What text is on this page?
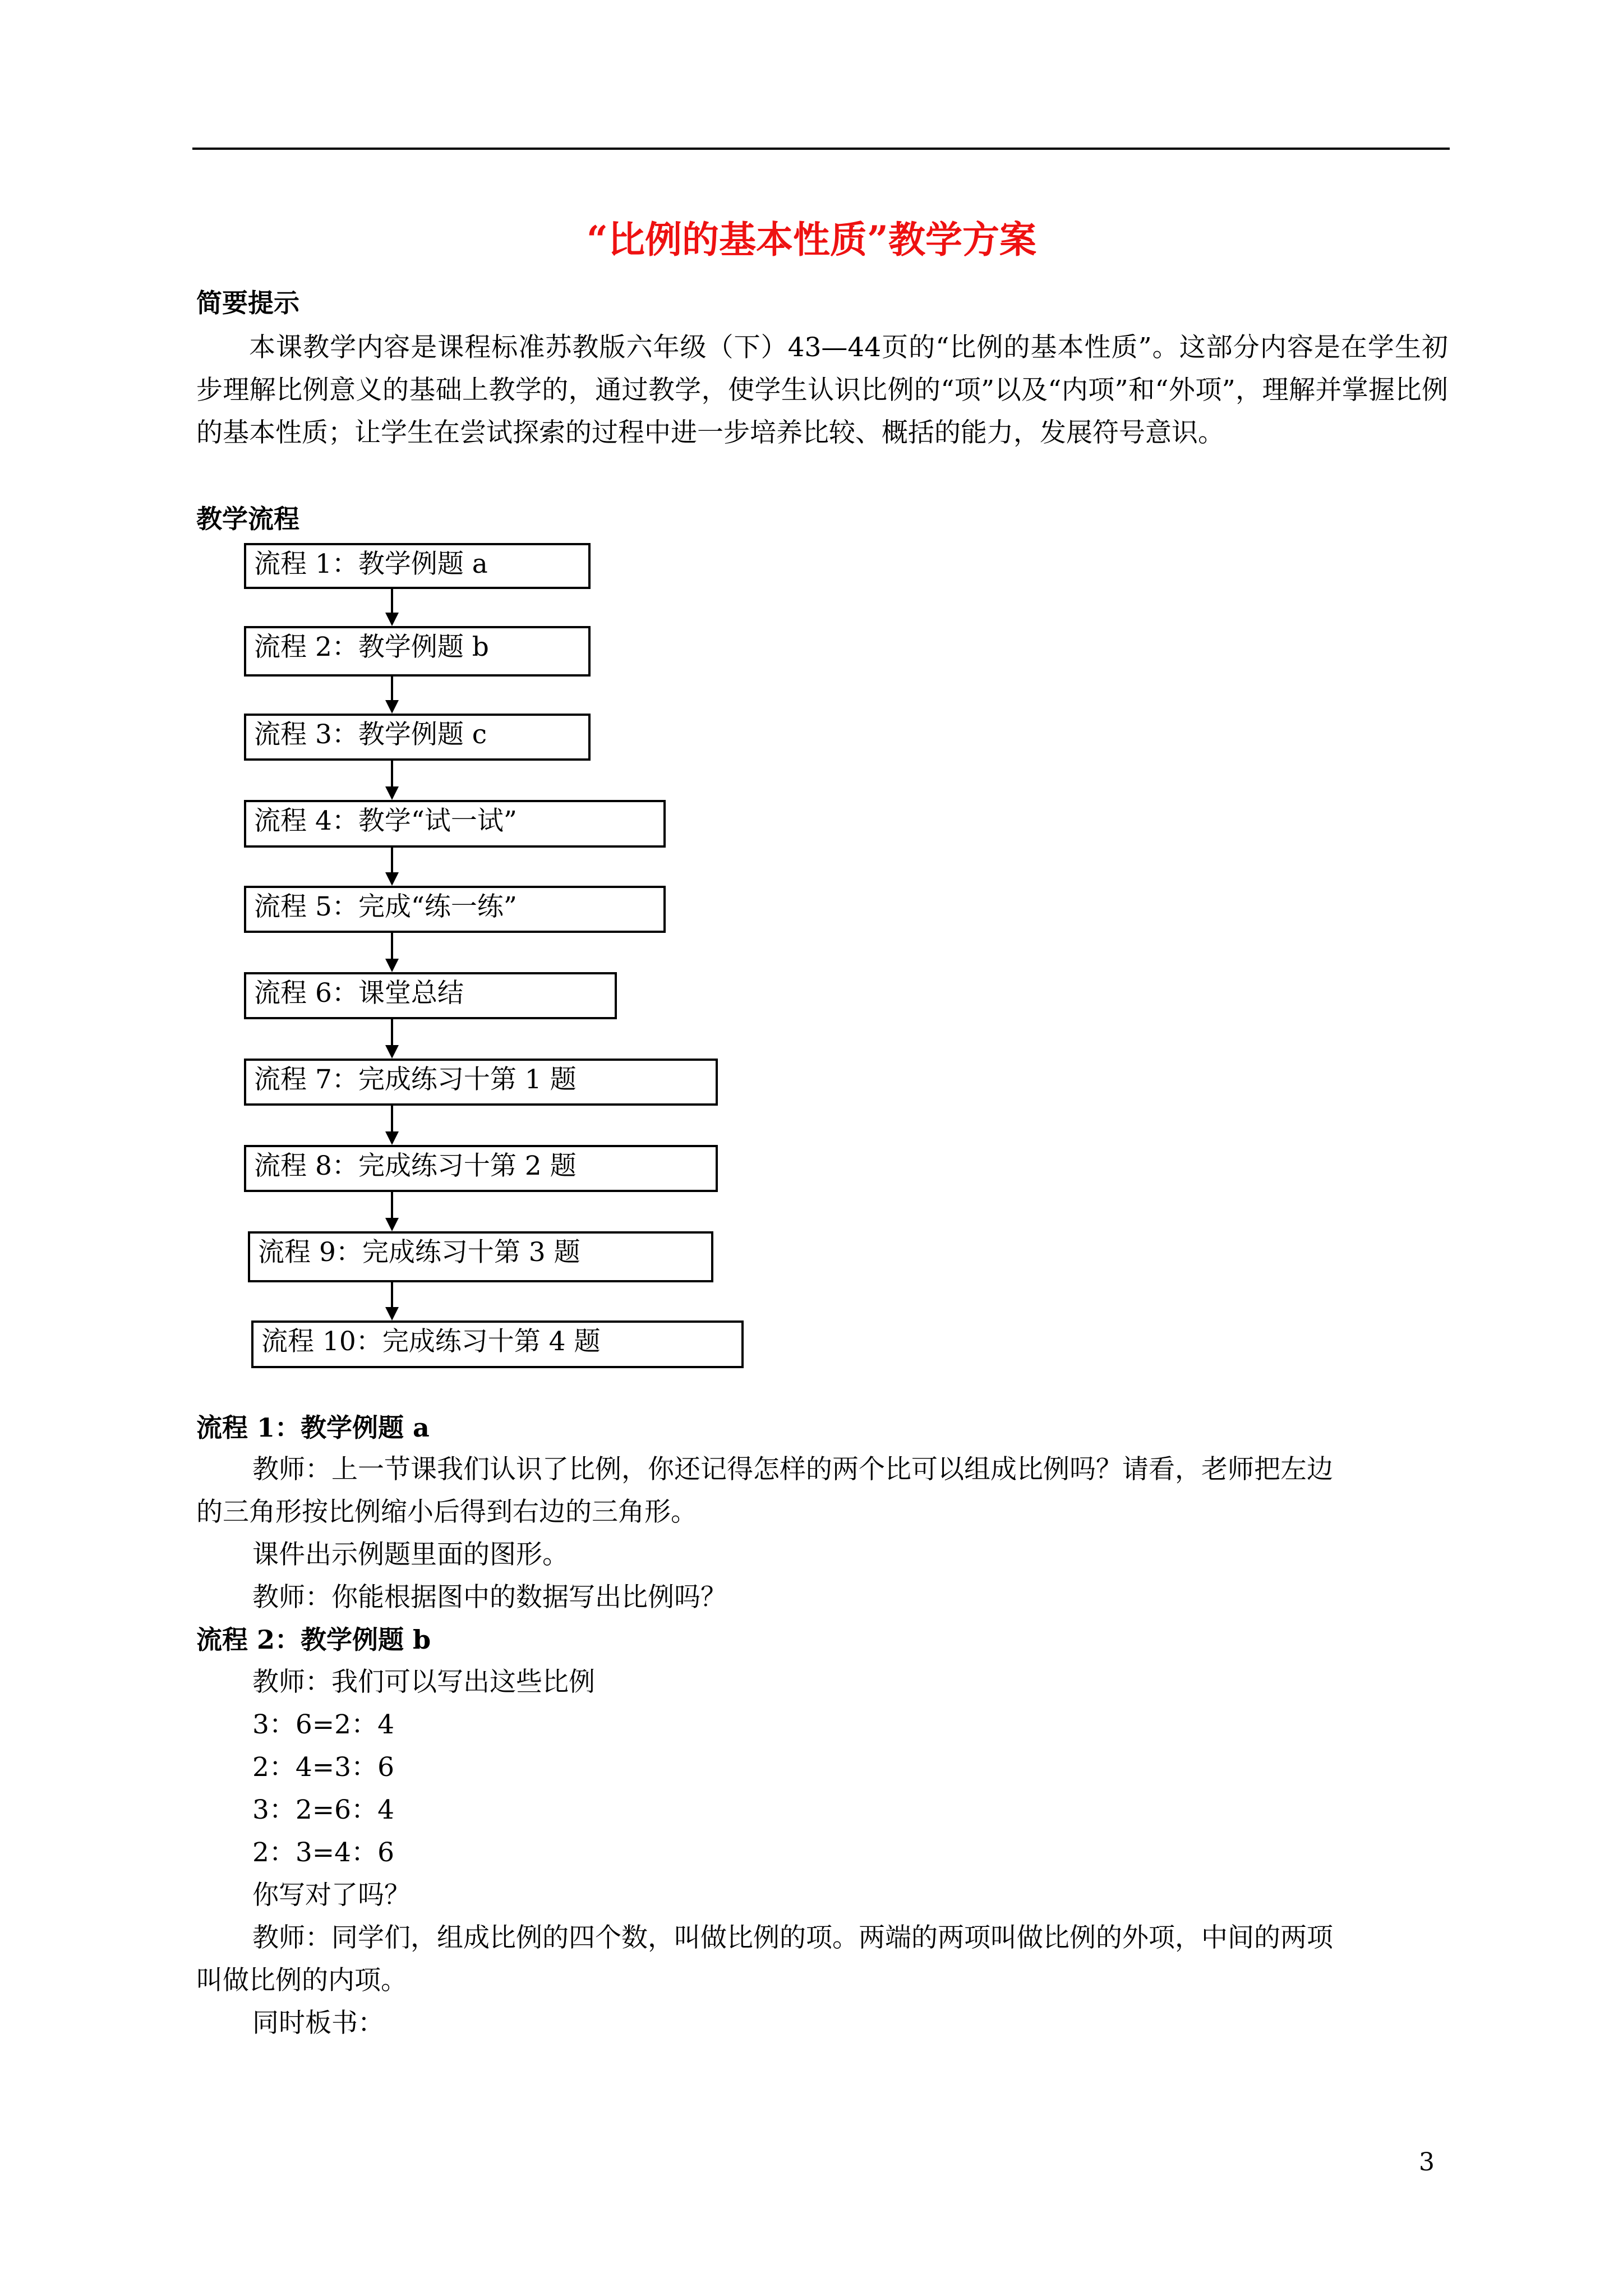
“比例的基本性质”教学方案
简要提示
本课教学内容是课程标准苏教版六年级（下）43—44页的“比例的基本性质”。这部分内容是在学生初步理解比例意义的基础上教学的，通过教学，使学生认识比例的“项”以及“内项”和“外项”，理解并掌握比例的基本性质；让学生在尝试探索的过程中进一步培养比较、概括的能力，发展符号意识。
教学流程
流程 1：教学例题 a
流程 2：教学例题 b
流程 3：教学例题 c
流程 4：教学“试一试”
流程 5：完成“练一练”
流程 6：课堂总结
流程 7：完成练习十第 1 题
流程 8：完成练习十第 2 题
流程 9：完成练习十第 3 题
流程 10：完成练习十第 4 题
流程 1：教学例题 a
教师：上一节课我们认识了比例，你还记得怎样的两个比可以组成比例吗？请看，老师把左边
的三角形按比例缩小后得到右边的三角形。
课件出示例题里面的图形。
教师：你能根据图中的数据写出比例吗？
流程 2：教学例题 b
教师：我们可以写出这些比例
3：6=2：4
2：4=3：6
3：2=6：4
2：3=4：6
你写对了吗？
教师：同学们，组成比例的四个数，叫做比例的项。两端的两项叫做比例的外项，中间的两项
叫做比例的内项。
同时板书：
3
